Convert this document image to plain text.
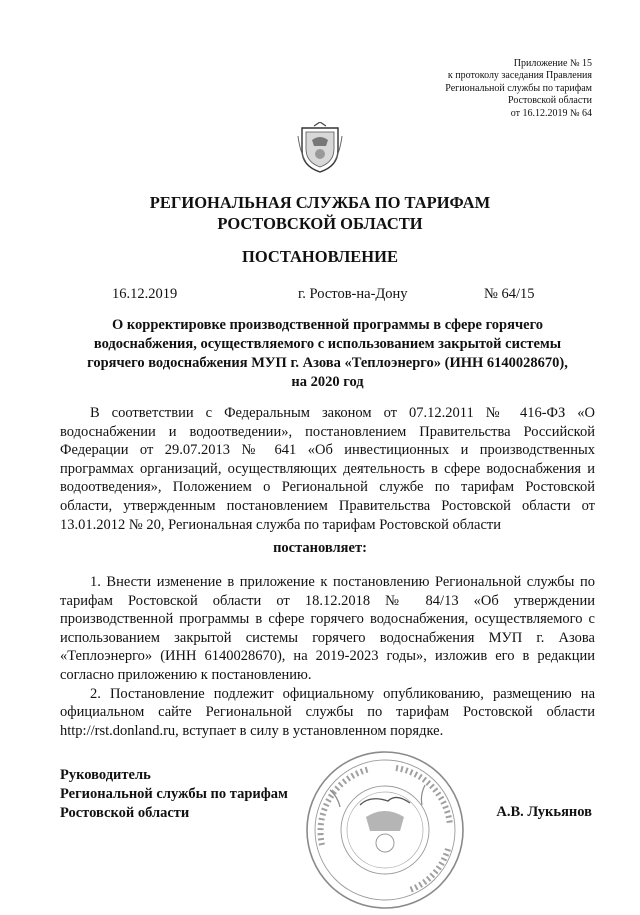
Приложение № 15
к протоколу заседания Правления
Региональной службы по тарифам
Ростовской области
от 16.12.2019 № 64
РЕГИОНАЛЬНАЯ СЛУЖБА ПО ТАРИФАМ
РОСТОВСКОЙ ОБЛАСТИ
ПОСТАНОВЛЕНИЕ
16.12.2019	г. Ростов-на-Дону	№ 64/15
О корректировке производственной программы в сфере горячего
водоснабжения, осуществляемого с использованием закрытой системы
горячего водоснабжения МУП г. Азова «Теплоэнерго» (ИНН 6140028670),
на 2020 год

В соответствии с Федеральным законом от 07.12.2011 № 416-ФЗ «О водоснабжении и водоотведении», постановлением Правительства Российской Федерации от 29.07.2013 № 641 «Об инвестиционных и производственных программах организаций, осуществляющих деятельность в сфере водоснабжения и водоотведения», Положением о Региональной службе по тарифам Ростовской области, утвержденным постановлением Правительства Ростовской области от 13.01.2012 № 20, Региональная служба по тарифам Ростовской области

постановляет:

1. Внести изменение в приложение к постановлению Региональной службы по тарифам Ростовской области от 18.12.2018 № 84/13 «Об утверждении производственной программы в сфере горячего водоснабжения, осуществляемого с использованием закрытой системы горячего водоснабжения МУП г. Азова «Теплоэнерго» (ИНН 6140028670), на 2019-2023 годы», изложив его в редакции согласно приложению к постановлению.

2. Постановление подлежит официальному опубликованию, размещению на официальном сайте Региональной службы по тарифам Ростовской области http://rst.donland.ru, вступает в силу в установленном порядке.

Руководитель
Региональной службы по тарифам
Ростовской области	А.В. Лукьянов
